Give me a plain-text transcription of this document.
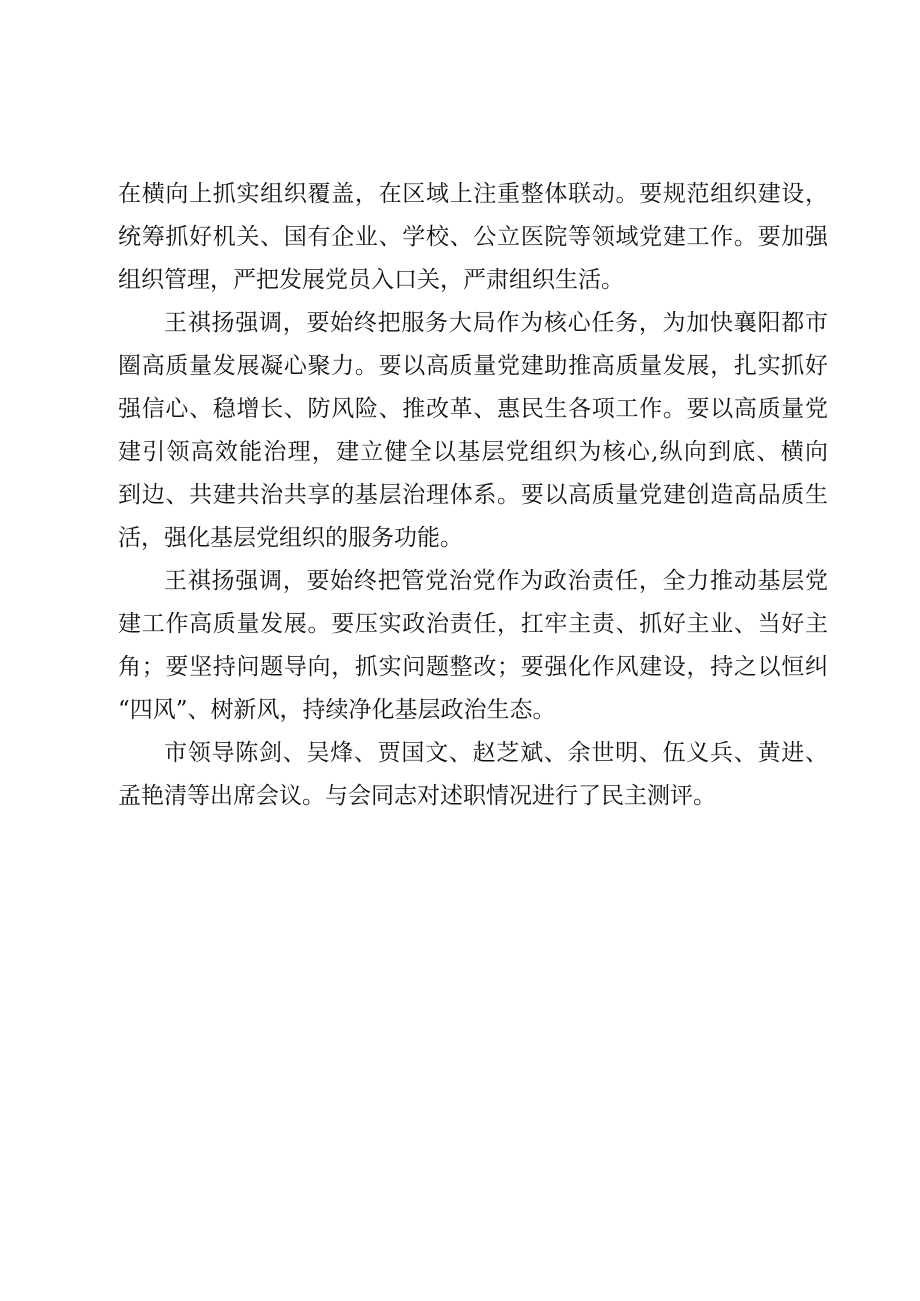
在横向上抓实组织覆盖，在区域上注重整体联动。要规范组织建设，
统筹抓好机关、国有企业、学校、公立医院等领域党建工作。要加强
组织管理，严把发展党员入口关，严肃组织生活。
王祺扬强调，要始终把服务大局作为核心任务，为加快襄阳都市
圈高质量发展凝心聚力。要以高质量党建助推高质量发展，扎实抓好
强信心、稳增长、防风险、推改革、惠民生各项工作。要以高质量党
建引领高效能治理，建立健全以基层党组织为核心,纵向到底、横向
到边、共建共治共享的基层治理体系。要以高质量党建创造高品质生
活，强化基层党组织的服务功能。
王祺扬强调，要始终把管党治党作为政治责任，全力推动基层党
建工作高质量发展。要压实政治责任，扛牢主责、抓好主业、当好主
角；要坚持问题导向，抓实问题整改；要强化作风建设，持之以恒纠
“四风”、树新风，持续净化基层政治生态。
市领导陈剑、吴烽、贾国文、赵芝斌、余世明、伍义兵、黄进、
孟艳清等出席会议。与会同志对述职情况进行了民主测评。
